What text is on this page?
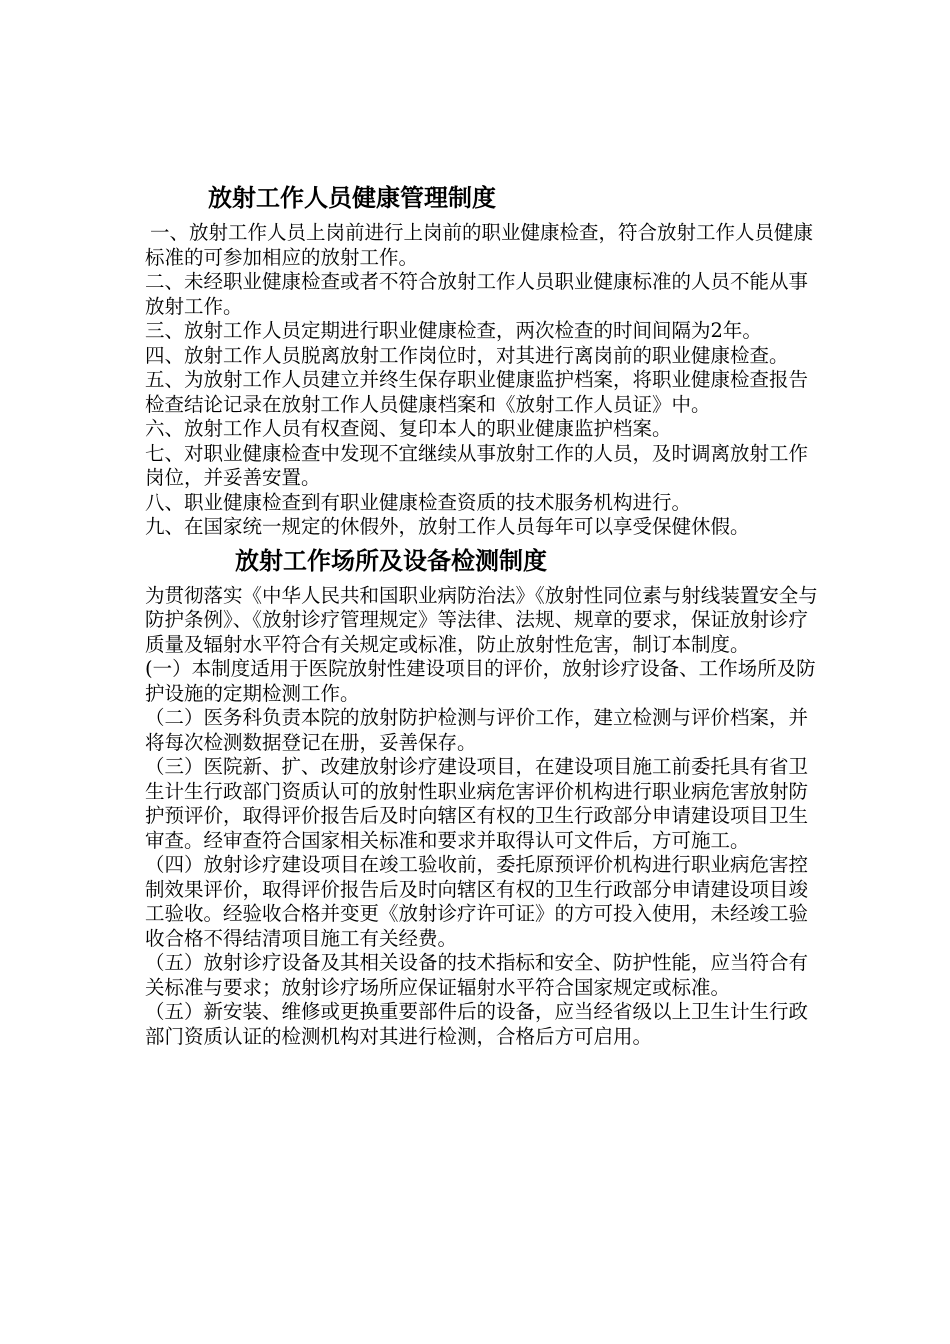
放射工作人员健康管理制度

一、放射工作人员上岗前进行上岗前的职业健康检查，符合放射工作人员健康标准的可参加相应的放射工作。

二、未经职业健康检查或者不符合放射工作人员职业健康标准的人员不能从事放射工作。

三、放射工作人员定期进行职业健康检查，两次检查的时间间隔为2年。

四、放射工作人员脱离放射工作岗位时，对其进行离岗前的职业健康检查。

五、为放射工作人员建立并终生保存职业健康监护档案，将职业健康检查报告检查结论记录在放射工作人员健康档案和《放射工作人员证》中。

六、放射工作人员有权查阅、复印本人的职业健康监护档案。

七、对职业健康检查中发现不宜继续从事放射工作的人员，及时调离放射工作岗位，并妥善安置。

八、职业健康检查到有职业健康检查资质的技术服务机构进行。

九、在国家统一规定的休假外，放射工作人员每年可以享受保健休假。

放射工作场所及设备检测制度

为贯彻落实《中华人民共和国职业病防治法》《放射性同位素与射线装置安全与防护条例》、《放射诊疗管理规定》等法律、法规、规章的要求，保证放射诊疗质量及辐射水平符合有关规定或标准，防止放射性危害，制订本制度。

(一）本制度适用于医院放射性建设项目的评价，放射诊疗设备、工作场所及防护设施的定期检测工作。

（二）医务科负责本院的放射防护检测与评价工作，建立检测与评价档案，并将每次检测数据登记在册，妥善保存。

（三）医院新、扩、改建放射诊疗建设项目，在建设项目施工前委托具有省卫生计生行政部门资质认可的放射性职业病危害评价机构进行职业病危害放射防护预评价，取得评价报告后及时向辖区有权的卫生行政部分申请建设项目卫生审查。经审查符合国家相关标准和要求并取得认可文件后，方可施工。

（四）放射诊疗建设项目在竣工验收前，委托原预评价机构进行职业病危害控制效果评价，取得评价报告后及时向辖区有权的卫生行政部分申请建设项目竣工验收。经验收合格并变更《放射诊疗许可证》的方可投入使用，未经竣工验收合格不得结清项目施工有关经费。

（五）放射诊疗设备及其相关设备的技术指标和安全、防护性能，应当符合有关标准与要求；放射诊疗场所应保证辐射水平符合国家规定或标准。

（五）新安装、维修或更换重要部件后的设备，应当经省级以上卫生计生行政部门资质认证的检测机构对其进行检测，合格后方可启用。
